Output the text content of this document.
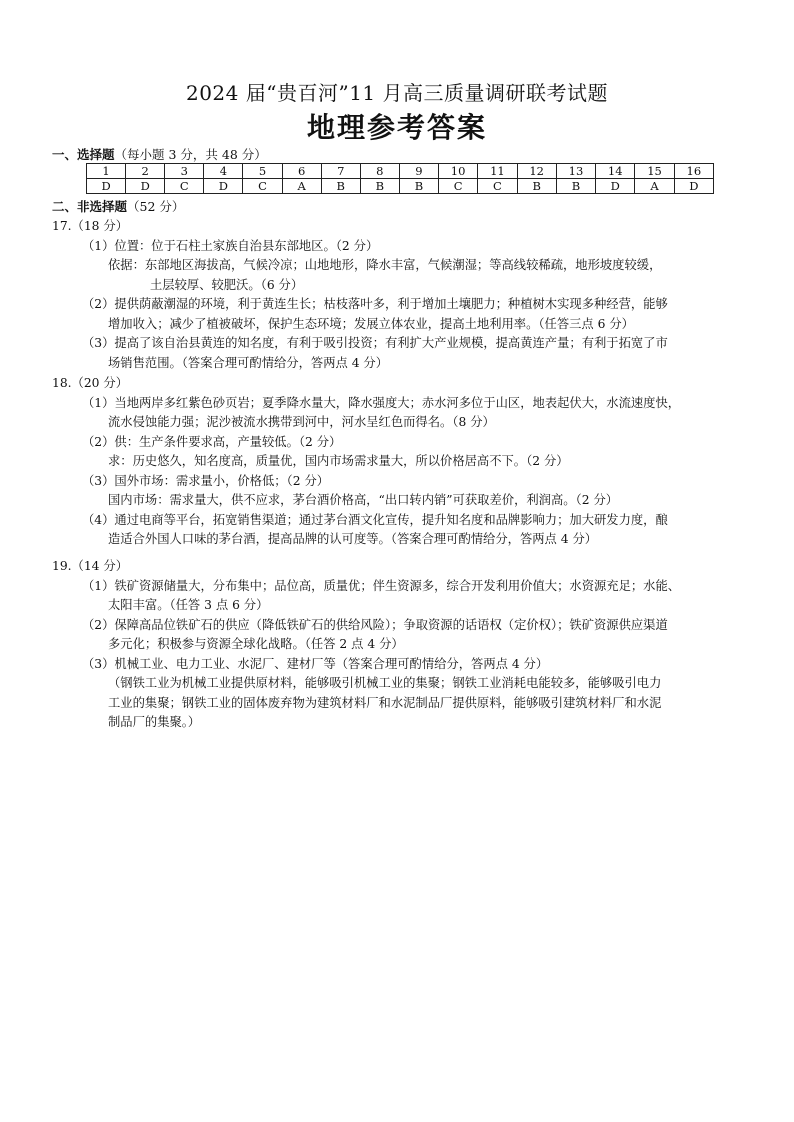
2024 届“贵百河”11 月高三质量调研联考试题
地理参考答案
一、选择题（每小题 3 分，共 48 分）
1	2	3	4	5	6	7	8	9	10	11	12	13	14	15	16
D	D	C	D	C	A	B	B	B	C	C	B	B	D	A	D
二、非选择题（52 分）
17.（18 分）
（1）位置：位于石柱土家族自治县东部地区。（2 分）
依据：东部地区海拔高，气候冷凉；山地地形，降水丰富，气候潮湿；等高线较稀疏，地形坡度较缓，
土层较厚、较肥沃。（6 分）
（2）提供荫蔽潮湿的环境，利于黄连生长；枯枝落叶多，利于增加土壤肥力；种植树木实现多种经营，能够
增加收入；减少了植被破坏，保护生态环境；发展立体农业，提高土地利用率。（任答三点 6 分）
（3）提高了该自治县黄连的知名度，有利于吸引投资；有利扩大产业规模，提高黄连产量；有利于拓宽了市
场销售范围。（答案合理可酌情给分，答两点 4 分）
18.（20 分）
（1）当地两岸多红紫色砂页岩；夏季降水量大，降水强度大；赤水河多位于山区，地表起伏大，水流速度快，
流水侵蚀能力强；泥沙被流水携带到河中，河水呈红色而得名。（8 分）
（2）供：生产条件要求高，产量较低。（2 分）
求：历史悠久，知名度高，质量优，国内市场需求量大，所以价格居高不下。（2 分）
（3）国外市场：需求量小，价格低；（2 分）
国内市场：需求量大，供不应求，茅台酒价格高，“出口转内销”可获取差价，利润高。（2 分）
（4）通过电商等平台，拓宽销售渠道；通过茅台酒文化宣传，提升知名度和品牌影响力；加大研发力度，酿
造适合外国人口味的茅台酒，提高品牌的认可度等。（答案合理可酌情给分，答两点 4 分）
19.（14 分）
（1）铁矿资源储量大，分布集中；品位高，质量优；伴生资源多，综合开发利用价值大；水资源充足；水能、
太阳丰富。（任答 3 点 6 分）
（2）保障高品位铁矿石的供应（降低铁矿石的供给风险）；争取资源的话语权（定价权）；铁矿资源供应渠道
多元化；积极参与资源全球化战略。（任答 2 点 4 分）
（3）机械工业、电力工业、水泥厂、建材厂等（答案合理可酌情给分，答两点 4 分）
（钢铁工业为机械工业提供原材料，能够吸引机械工业的集聚；钢铁工业消耗电能较多，能够吸引电力
工业的集聚；钢铁工业的固体废弃物为建筑材料厂和水泥制品厂提供原料，能够吸引建筑材料厂和水泥
制品厂的集聚。）
